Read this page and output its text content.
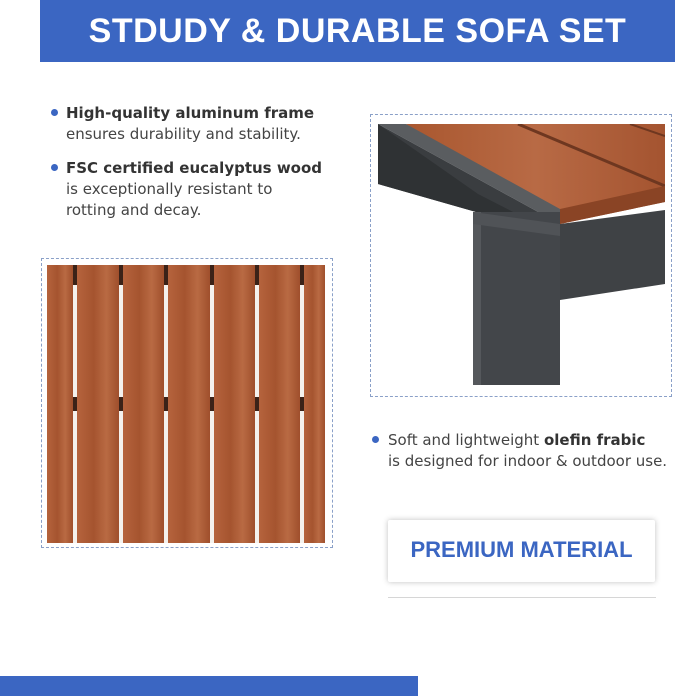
STDUDY & DURABLE SOFA SET
High-quality aluminum frame
ensures durability and stability.
FSC certified eucalyptus wood
is exceptionally resistant to
rotting and decay.
Soft and lightweight olefin frabic
is designed for indoor & outdoor use.
PREMIUM MATERIAL
